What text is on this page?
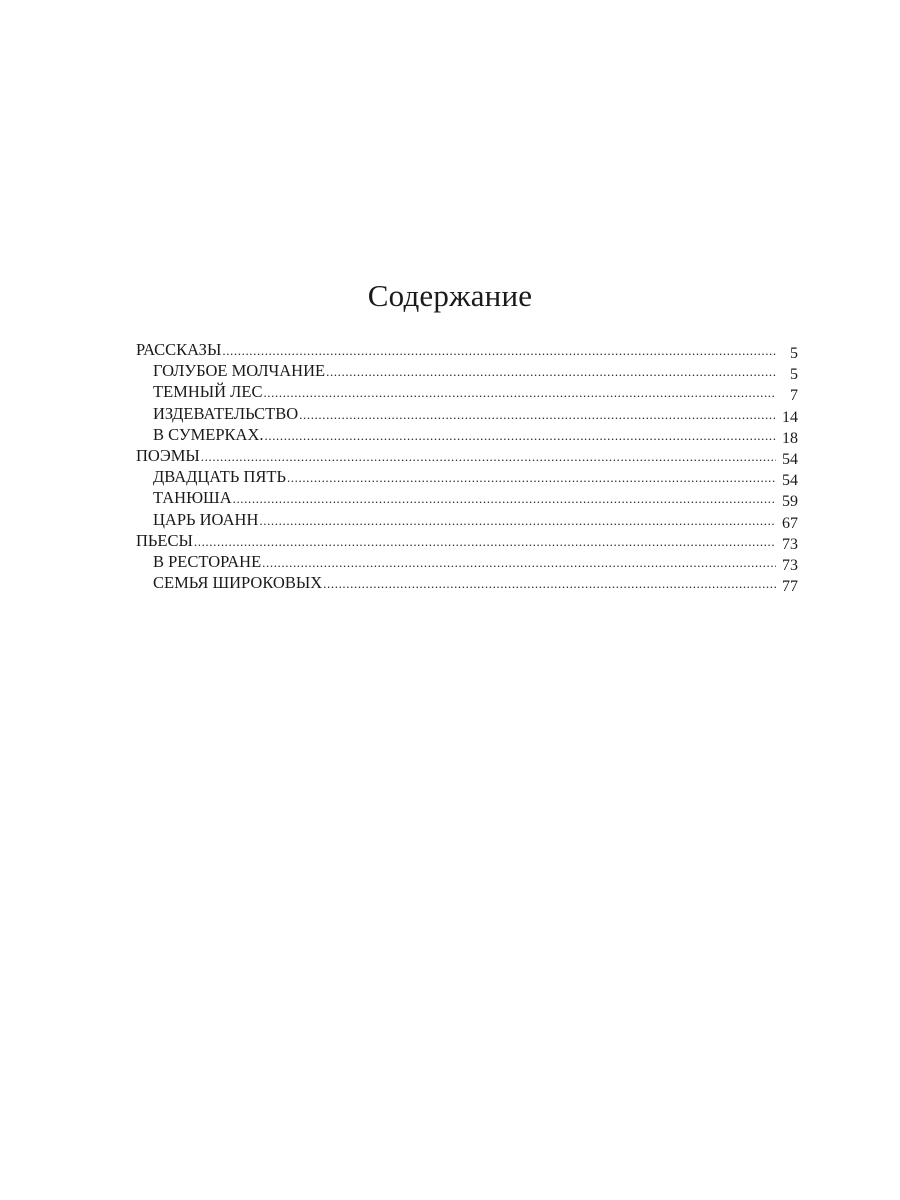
Содержание
РАССКАЗЫ .....	5
ГОЛУБОЕ МОЛЧАНИЕ .....	5
ТЕМНЫЙ ЛЕС .....	7
ИЗДЕВАТЕЛЬСТВО .....	14
В СУМЕРКАХ. .....	18
ПОЭМЫ .....	54
ДВАДЦАТЬ ПЯТЬ .....	54
ТАНЮША .....	59
ЦАРЬ ИОАНН .....	67
ПЬЕСЫ .....	73
В РЕСТОРАНЕ .....	73
СЕМЬЯ ШИРОКОВЫХ .....	77
